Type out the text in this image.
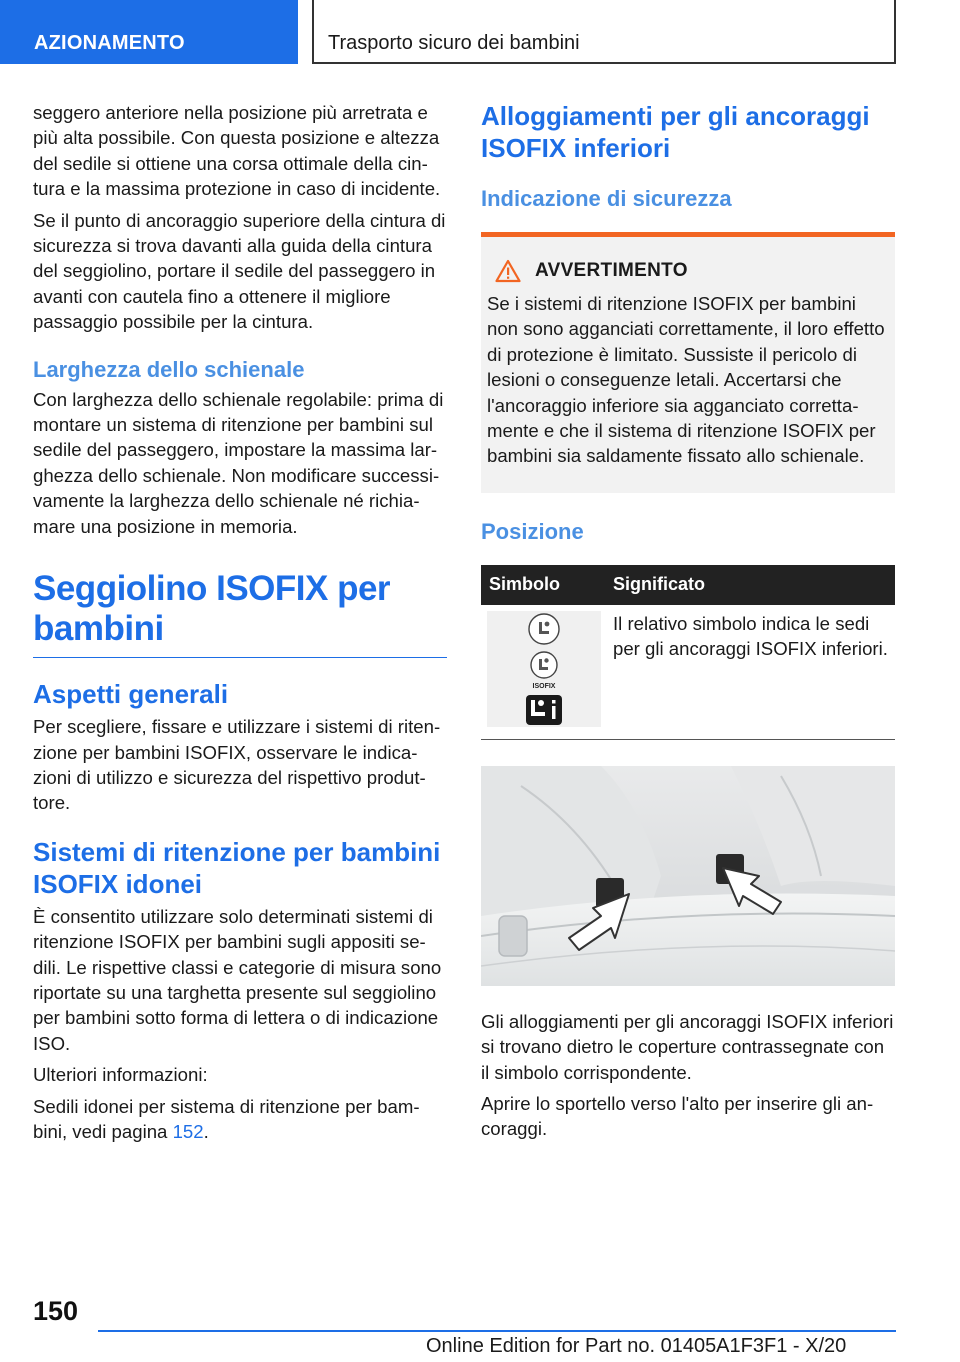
AZIONAMENTO	Trasporto sicuro dei bambini

seggero anteriore nella posizione più arretrata e più alta possibile. Con questa posizione e altezza del sedile si ottiene una corsa ottimale della cintura e la massima protezione in caso di incidente.

Se il punto di ancoraggio superiore della cintura di sicurezza si trova davanti alla guida della cintura del seggiolino, portare il sedile del passeggero in avanti con cautela fino a ottenere il migliore passaggio possibile per la cintura.

Larghezza dello schienale

Con larghezza dello schienale regolabile: prima di montare un sistema di ritenzione per bambini sul sedile del passeggero, impostare la massima larghezza dello schienale. Non modificare successivamente la larghezza dello schienale né richiamare una posizione in memoria.

Seggiolino ISOFIX per bambini
Aspetti generali

Per scegliere, fissare e utilizzare i sistemi di ritenzione per bambini ISOFIX, osservare le indicazioni di utilizzo e sicurezza del rispettivo produttore.

Sistemi di ritenzione per bambini ISOFIX idonei

È consentito utilizzare solo determinati sistemi di ritenzione ISOFIX per bambini sugli appositi sedili. Le rispettive classi e categorie di misura sono riportate su una targhetta presente sul seggiolino per bambini sotto forma di lettera o di indicazione ISO.

Ulteriori informazioni:

Sedili idonei per sistema di ritenzione per bambini, vedi pagina 152.

Alloggiamenti per gli ancoraggi ISOFIX inferiori
Indicazione di sicurezza
AVVERTIMENTO

Se i sistemi di ritenzione ISOFIX per bambini non sono agganciati correttamente, il loro effetto di protezione è limitato. Sussiste il pericolo di lesioni o conseguenze letali. Accertarsi che l'ancoraggio inferiore sia agganciato correttamente e che il sistema di ritenzione ISOFIX per bambini sia saldamente fissato allo schienale.

Posizione
Simbolo	Significato

ISOFIX	Il relativo simbolo indica le sedi per gli ancoraggi ISOFIX inferiori.

Gli alloggiamenti per gli ancoraggi ISOFIX inferiori si trovano dietro le coperture contrassegnate con il simbolo corrispondente.

Aprire lo sportello verso l'alto per inserire gli ancoraggi.

150
Online Edition for Part no. 01405A1F3F1 - X/20
